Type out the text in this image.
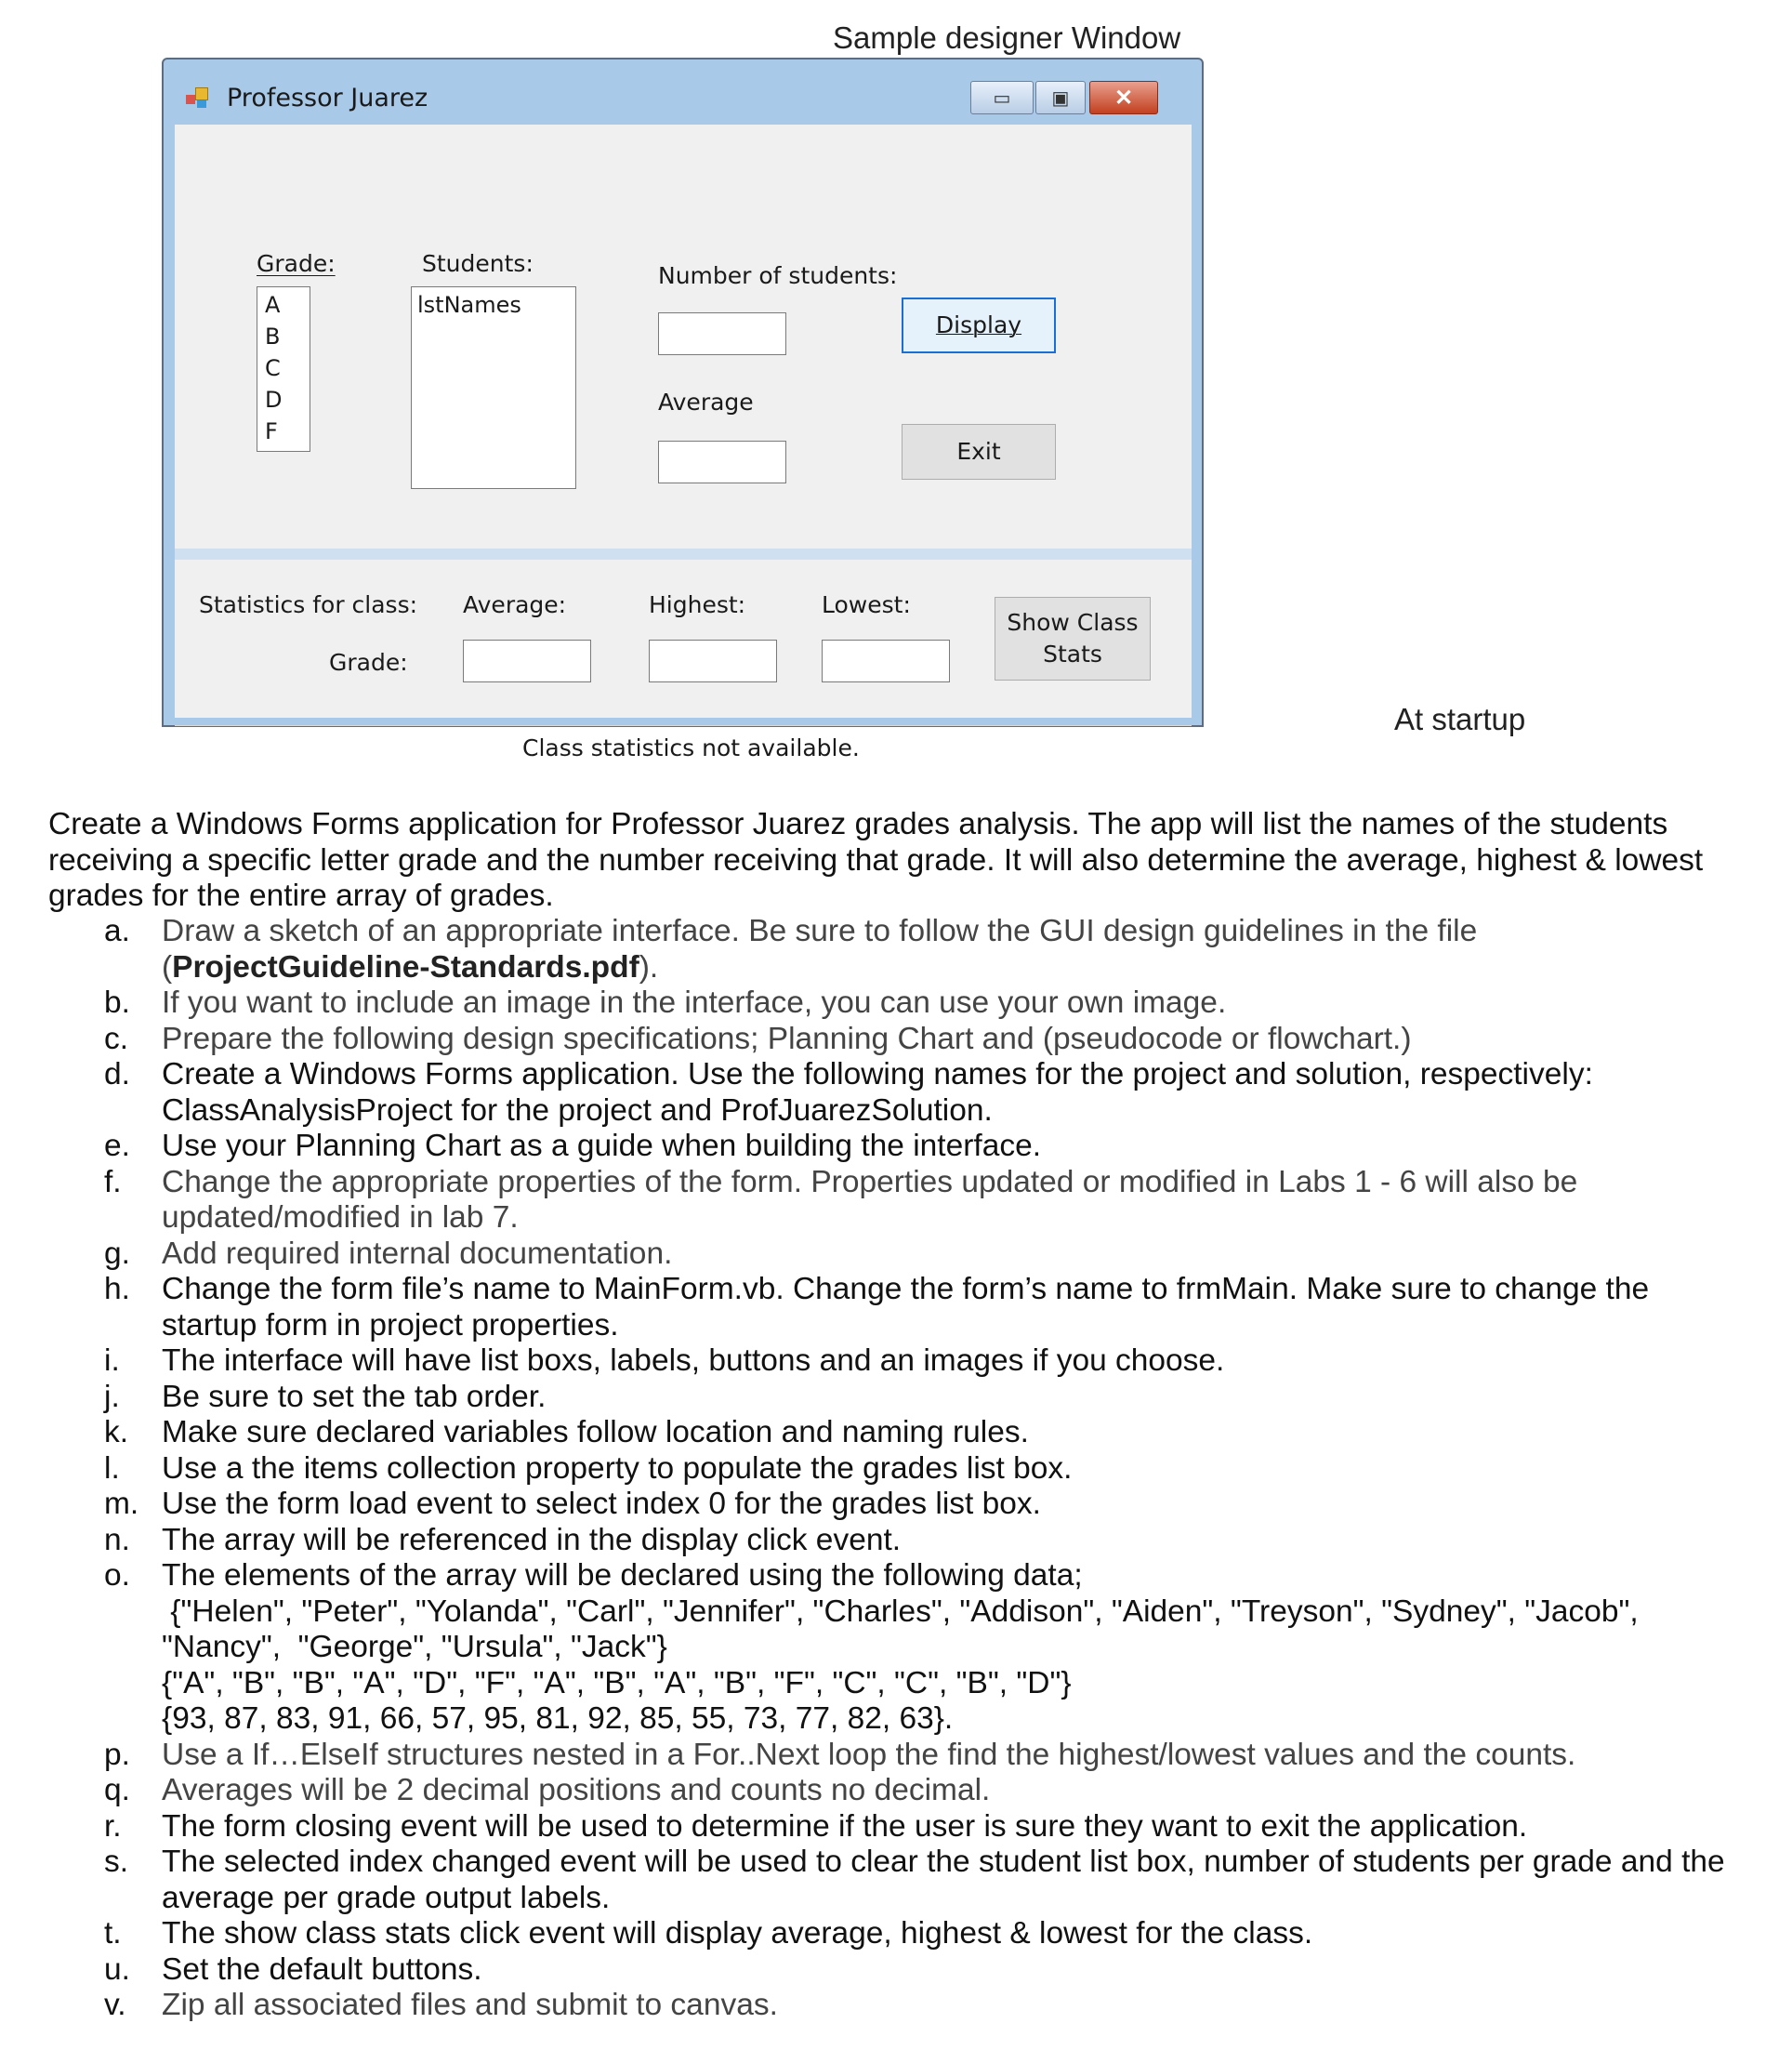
Sample designer Window
Professor Juarez	▭ ▣ ✕
Grade:
A
B
C
D
F
Students:
lstNames
Number of students:
Average
Display
Exit
Statistics for class:
Grade:
Average:	Highest:	Lowest:
Show Class
Stats
Class statistics not available.
At startup

Create a Windows Forms application for Professor Juarez grades analysis. The app will list the names of the students

receiving a specific letter grade and the number receiving that grade. It will also determine the average, highest & lowest

grades for the entire array of grades.

a.	Draw a sketch of an appropriate interface. Be sure to follow the GUI design guidelines in the file
(ProjectGuideline-Standards.pdf).
b.	If you want to include an image in the interface, you can use your own image.
c.	Prepare the following design specifications; Planning Chart and (pseudocode or flowchart.)
d.	Create a Windows Forms application. Use the following names for the project and solution, respectively:
ClassAnalysisProject for the project and ProfJuarezSolution.
e.	Use your Planning Chart as a guide when building the interface.
f.	Change the appropriate properties of the form. Properties updated or modified in Labs 1 - 6 will also be
updated/modified in lab 7.
g.	Add required internal documentation.
h.	Change the form file’s name to MainForm.vb. Change the form’s name to frmMain. Make sure to change the
startup form in project properties.
i.	The interface will have list boxs, labels, buttons and an images if you choose.
j.	Be sure to set the tab order.
k.	Make sure declared variables follow location and naming rules.
l.	Use a the items collection property to populate the grades list box.
m. Use the form load event to select index 0 for the grades list box.
n.	The array will be referenced in the display click event.
o.	The elements of the array will be declared using the following data;
{"Helen", "Peter", "Yolanda", "Carl", "Jennifer", "Charles", "Addison", "Aiden", "Treyson", "Sydney", "Jacob",
"Nancy",  "George", "Ursula", "Jack"}
{"A", "B", "B", "A", "D", "F", "A", "B", "A", "B", "F", "C", "C", "B", "D"}
{93, 87, 83, 91, 66, 57, 95, 81, 92, 85, 55, 73, 77, 82, 63}.
p.	Use a If…ElseIf structures nested in a For..Next loop the find the highest/lowest values and the counts.
q.	Averages will be 2 decimal positions and counts no decimal.
r.	The form closing event will be used to determine if the user is sure they want to exit the application.
s.	The selected index changed event will be used to clear the student list box, number of students per grade and the
average per grade output labels.
t.	The show class stats click event will display average, highest & lowest for the class.
u.	Set the default buttons.
v.	Zip all associated files and submit to canvas.
